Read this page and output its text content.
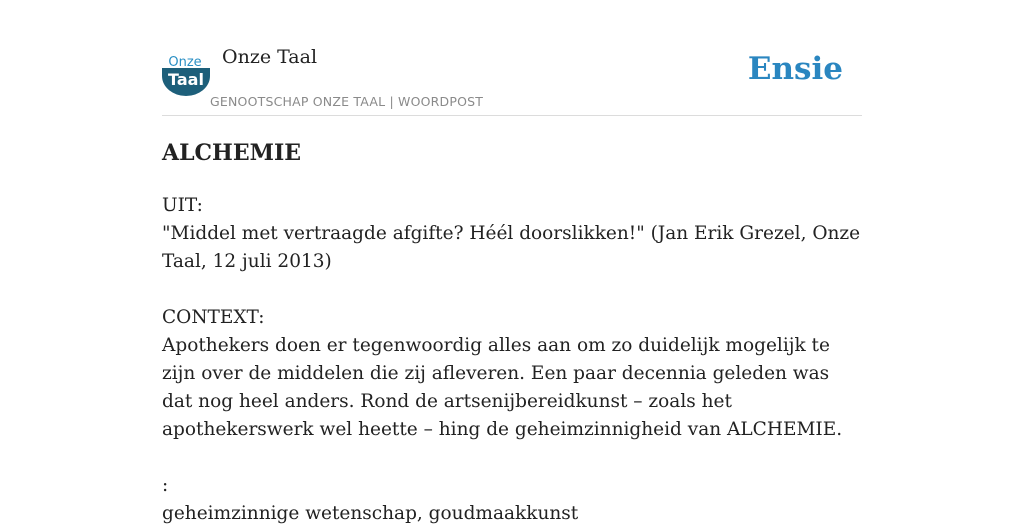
Onze
Taal
Onze Taal
GENOOTSCHAP ONZE TAAL | WOORDPOST
Ensie
ALCHEMIE

UIT:

"Middel met vertraagde afgifte? Héél doorslikken!" (Jan Erik Grezel, Onze Taal, 12 juli 2013)

CONTEXT:

Apothekers doen er tegenwoordig alles aan om zo duidelijk mogelijk te zijn over de middelen die zij afleveren. Een paar decennia geleden was dat nog heel anders. Rond de artsenijbereidkunst – zoals het apothekerswerk wel heette – hing de geheimzinnigheid van ALCHEMIE.

:

geheimzinnige wetenschap, goudmaakkunst
